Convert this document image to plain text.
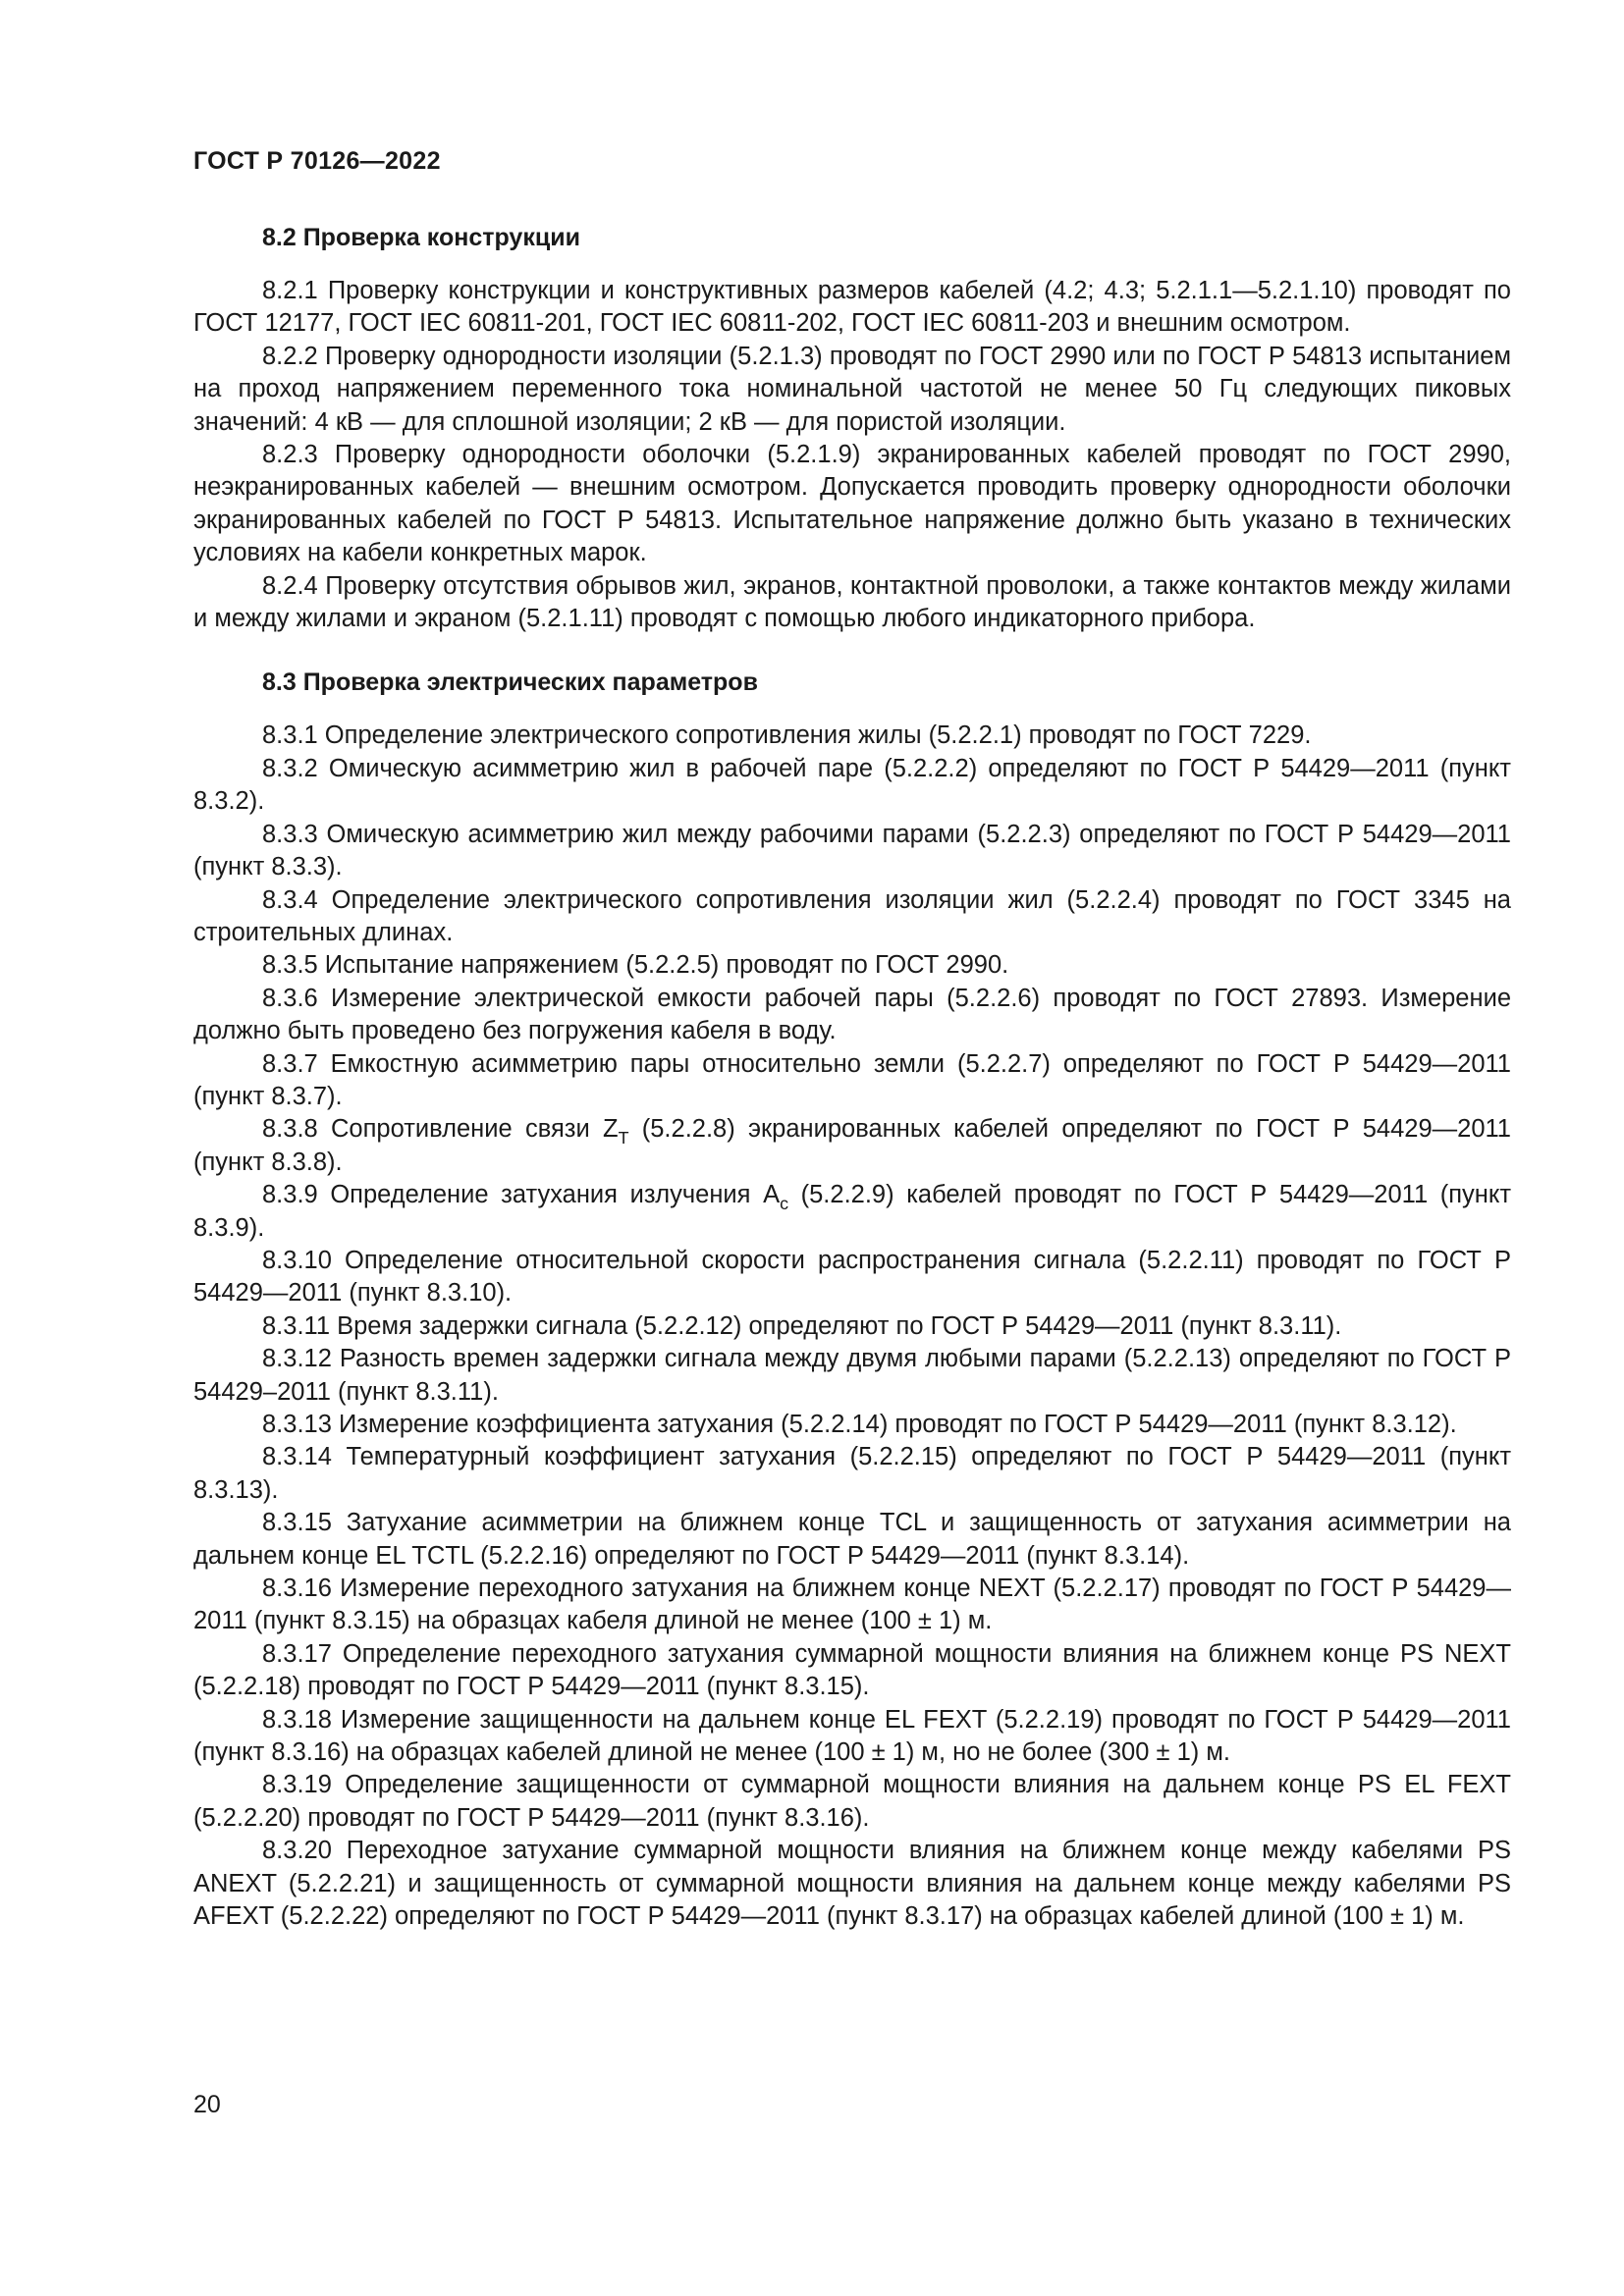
ГОСТ Р 70126—2022
8.2 Проверка конструкции

8.2.1 Проверку конструкции и конструктивных размеров кабелей (4.2; 4.3; 5.2.1.1—5.2.1.10) проводят по ГОСТ 12177, ГОСТ IEC 60811-201, ГОСТ IEC 60811-202, ГОСТ IEC 60811-203 и внешним осмотром.

8.2.2 Проверку однородности изоляции (5.2.1.3) проводят по ГОСТ 2990 или по ГОСТ Р 54813 испытанием на проход напряжением переменного тока номинальной частотой не менее 50 Гц следующих пиковых значений: 4 кВ — для сплошной изоляции; 2 кВ — для пористой изоляции.

8.2.3 Проверку однородности оболочки (5.2.1.9) экранированных кабелей проводят по ГОСТ 2990, неэкранированных кабелей — внешним осмотром. Допускается проводить проверку однородности оболочки экранированных кабелей по ГОСТ Р 54813. Испытательное напряжение должно быть указано в технических условиях на кабели конкретных марок.

8.2.4 Проверку отсутствия обрывов жил, экранов, контактной проволоки, а также контактов между жилами и между жилами и экраном (5.2.1.11) проводят с помощью любого индикаторного прибора.

8.3 Проверка электрических параметров

8.3.1 Определение электрического сопротивления жилы (5.2.2.1) проводят по ГОСТ 7229.

8.3.2 Омическую асимметрию жил в рабочей паре (5.2.2.2) определяют по ГОСТ Р 54429—2011 (пункт 8.3.2).

8.3.3 Омическую асимметрию жил между рабочими парами (5.2.2.3) определяют по ГОСТ Р 54429—2011 (пункт 8.3.3).

8.3.4 Определение электрического сопротивления изоляции жил (5.2.2.4) проводят по ГОСТ 3345 на строительных длинах.

8.3.5 Испытание напряжением (5.2.2.5) проводят по ГОСТ 2990.

8.3.6 Измерение электрической емкости рабочей пары (5.2.2.6) проводят по ГОСТ 27893. Измерение должно быть проведено без погружения кабеля в воду.

8.3.7 Емкостную асимметрию пары относительно земли (5.2.2.7) определяют по ГОСТ Р 54429—2011 (пункт 8.3.7).

8.3.8 Сопротивление связи $Z_T$ (5.2.2.8) экранированных кабелей определяют по ГОСТ Р 54429—2011 (пункт 8.3.8).

8.3.9 Определение затухания излучения $A_c$ (5.2.2.9) кабелей проводят по ГОСТ Р 54429—2011 (пункт 8.3.9).

8.3.10 Определение относительной скорости распространения сигнала (5.2.2.11) проводят по ГОСТ Р 54429—2011 (пункт 8.3.10).

8.3.11 Время задержки сигнала (5.2.2.12) определяют по ГОСТ Р 54429—2011 (пункт 8.3.11).

8.3.12 Разность времен задержки сигнала между двумя любыми парами (5.2.2.13) определяют по ГОСТ Р 54429–2011 (пункт 8.3.11).

8.3.13 Измерение коэффициента затухания (5.2.2.14) проводят по ГОСТ Р 54429—2011 (пункт 8.3.12).

8.3.14 Температурный коэффициент затухания (5.2.2.15) определяют по ГОСТ Р 54429—2011 (пункт 8.3.13).

8.3.15 Затухание асимметрии на ближнем конце TCL и защищенность от затухания асимметрии на дальнем конце EL TCTL (5.2.2.16) определяют по ГОСТ Р 54429—2011 (пункт 8.3.14).

8.3.16 Измерение переходного затухания на ближнем конце NEXT (5.2.2.17) проводят по ГОСТ Р 54429—2011 (пункт 8.3.15) на образцах кабеля длиной не менее (100 ± 1) м.

8.3.17 Определение переходного затухания суммарной мощности влияния на ближнем конце PS NEXT (5.2.2.18) проводят по ГОСТ Р 54429—2011 (пункт 8.3.15).

8.3.18 Измерение защищенности на дальнем конце EL FEXT (5.2.2.19) проводят по ГОСТ Р 54429—2011 (пункт 8.3.16) на образцах кабелей длиной не менее (100 ± 1) м, но не более (300 ± 1) м.

8.3.19 Определение защищенности от суммарной мощности влияния на дальнем конце PS EL FEXT (5.2.2.20) проводят по ГОСТ Р 54429—2011 (пункт 8.3.16).

8.3.20 Переходное затухание суммарной мощности влияния на ближнем конце между кабелями PS ANEXT (5.2.2.21) и защищенность от суммарной мощности влияния на дальнем конце между кабелями PS AFEXT (5.2.2.22) определяют по ГОСТ Р 54429—2011 (пункт 8.3.17) на образцах кабелей длиной (100 ± 1) м.

20
